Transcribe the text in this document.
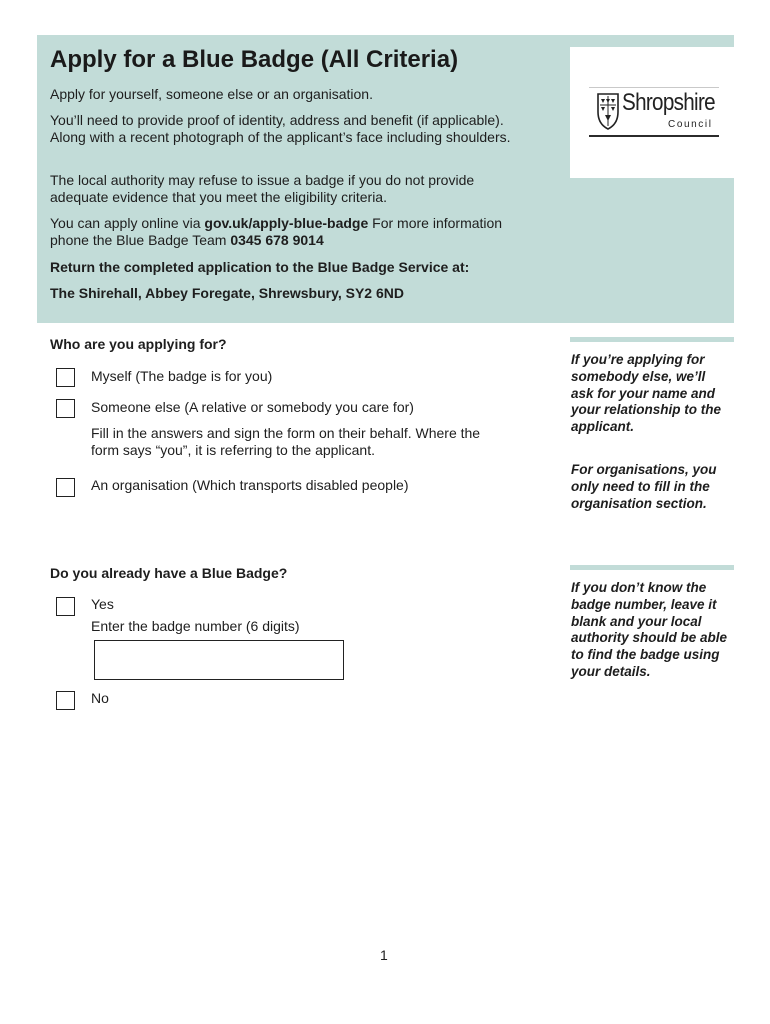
Apply for a Blue Badge (All Criteria)

Apply for yourself, someone else or an organisation.

You’ll need to provide proof of identity, address and benefit (if applicable). Along with a recent photograph of the applicant’s face including shoulders.

The local authority may refuse to issue a badge if you do not provide adequate evidence that you meet the eligibility criteria.

You can apply online via gov.uk/apply-blue-badge For more information phone the Blue Badge Team 0345 678 9014

Return the completed application to the Blue Badge Service at:

The Shirehall, Abbey Foregate, Shrewsbury, SY2 6ND

Shropshire
Council

Who are you applying for?

Myself (The badge is for you)

Someone else (A relative or somebody you care for)

Fill in the answers and sign the form on their behalf. Where the form says “you”, it is referring to the applicant.

An organisation (Which transports disabled people)

If you’re applying for somebody else, we’ll ask for your name and your relationship to the applicant.

For organisations, you only need to fill in the organisation section.

Do you already have a Blue Badge?

Yes

Enter the badge number (6 digits)

No

If you don’t know the badge number, leave it blank and your local authority should be able to find the badge using your details.

1
